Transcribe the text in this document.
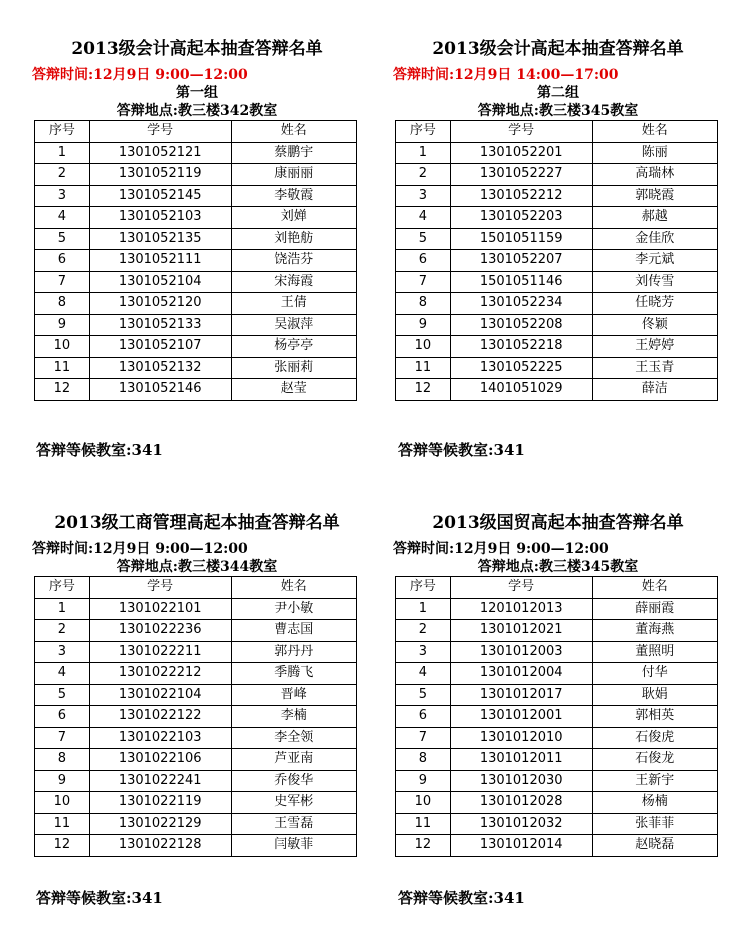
2013级会计高起本抽查答辩名单
答辩时间:12月9日 9:00—12:00
第一组
答辩地点:教三楼342教室
序号	学号	姓名
1	1301052121	蔡鹏宇
2	1301052119	康丽丽
3	1301052145	李敬霞
4	1301052103	刘婵
5	1301052135	刘艳舫
6	1301052111	饶浩芬
7	1301052104	宋海霞
8	1301052120	王倩
9	1301052133	吴淑萍
10	1301052107	杨亭亭
11	1301052132	张丽莉
12	1301052146	赵莹
答辩等候教室:341
2013级会计高起本抽查答辩名单
答辩时间:12月9日 14:00—17:00
第二组
答辩地点:教三楼345教室
序号	学号	姓名
1	1301052201	陈丽
2	1301052227	高瑞林
3	1301052212	郭晓霞
4	1301052203	郝越
5	1501051159	金佳欣
6	1301052207	李元斌
7	1501051146	刘传雪
8	1301052234	任晓芳
9	1301052208	佟颖
10	1301052218	王婷婷
11	1301052225	王玉青
12	1401051029	薛洁
答辩等候教室:341
2013级工商管理高起本抽查答辩名单
答辩时间:12月9日 9:00—12:00
答辩地点:教三楼344教室
序号	学号	姓名
1	1301022101	尹小敏
2	1301022236	曹志国
3	1301022211	郭丹丹
4	1301022212	季腾飞
5	1301022104	晋峰
6	1301022122	李楠
7	1301022103	李全领
8	1301022106	芦亚南
9	1301022241	乔俊华
10	1301022119	史军彬
11	1301022129	王雪磊
12	1301022128	闫敏菲
答辩等候教室:341
2013级国贸高起本抽查答辩名单
答辩时间:12月9日 9:00—12:00
答辩地点:教三楼345教室
序号	学号	姓名
1	1201012013	薛丽霞
2	1301012021	董海燕
3	1301012003	董照明
4	1301012004	付华
5	1301012017	耿娟
6	1301012001	郭相英
7	1301012010	石俊虎
8	1301012011	石俊龙
9	1301012030	王新宇
10	1301012028	杨楠
11	1301012032	张菲菲
12	1301012014	赵晓磊
答辩等候教室:341
